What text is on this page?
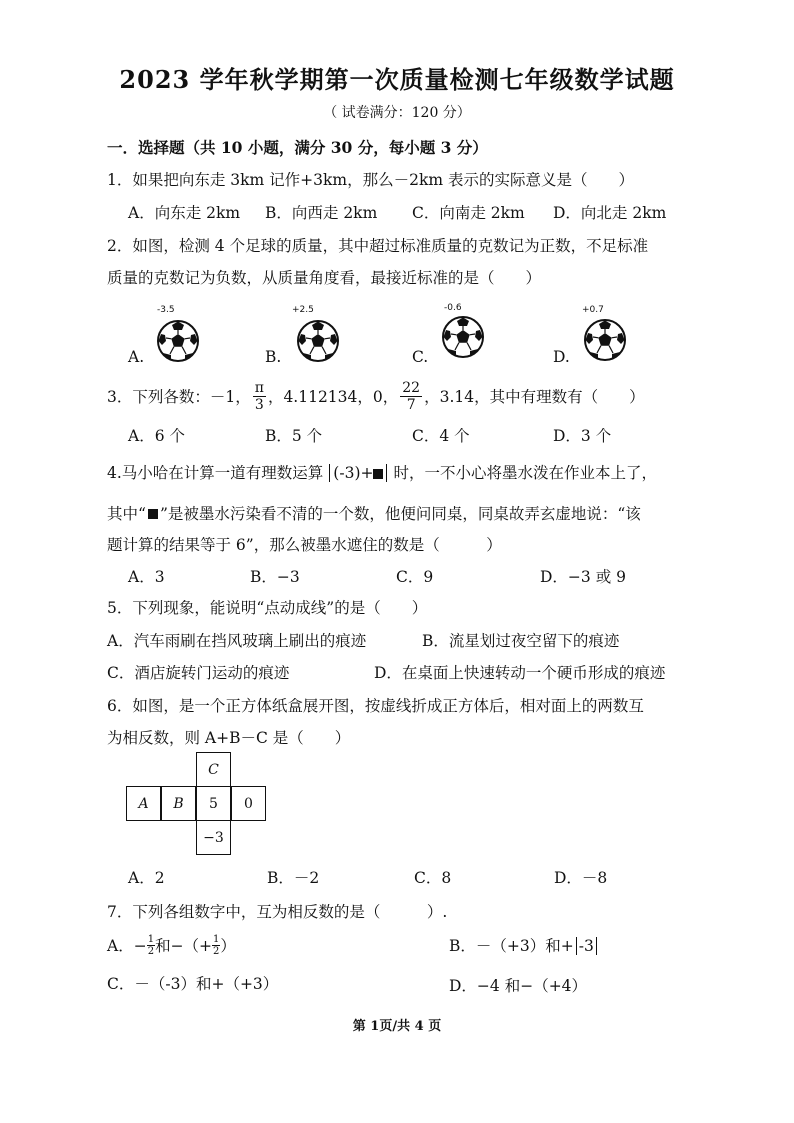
2023 学年秋学期第一次质量检测七年级数学试题
（ 试卷满分：120 分）
一．选择题（共 10 小题，满分 30 分，每小题 3 分）
1．如果把向东走 3km 记作+3km，那么－2km 表示的实际意义是（　　）
A．向东走 2km B．向西走 2km C．向南走 2km D．向北走 2km
2．如图，检测 4 个足球的质量，其中超过标准质量的克数记为正数，不足标准
质量的克数记为负数，从质量角度看，最接近标准的是（　　）
A.
-3.5
B.
+2.5
C.
-0.6
D.
+0.7
3．下列各数：－1， $\frac{\pi}{3}$ ，4.112134，0， $\frac{22}{7}$ ，3.14，其中有理数有（　　）
A．6 个	B．5 个	C．4 个	D．3 个
4.马小哈在计算一道有理数运算 (-3)+	时，一不小心将墨水泼在作业本上了，
其中“ ”是被墨水污染看不清的一个数，他便问同桌，同桌故弄玄虚地说：“该
题计算的结果等于 6”，那么被墨水遮住的数是（　　　）
A．3	B．−3	C．9	D．−3 或 9
5．下列现象，能说明“点动成线”的是（　　）
A．汽车雨刷在挡风玻璃上刷出的痕迹	B．流星划过夜空留下的痕迹
C．酒店旋转门运动的痕迹	D．在桌面上快速转动一个硬币形成的痕迹
6．如图，是一个正方体纸盒展开图，按虚线折成正方体后，相对面上的两数互
为相反数，则 A+B－C 是（　　）
C
A	B	5	0
−3
A．2	B．－2	C．8	D．－8
7．下列各组数字中，互为相反数的是（　　　）.
A．− $\frac{1}{2}$ 和−（+ $\frac{1}{2}$ ）	B．－（+3）和+ -3
C．－（-3）和+（+3）	D．−4 和−（+4）
第 1页/共 4 页
